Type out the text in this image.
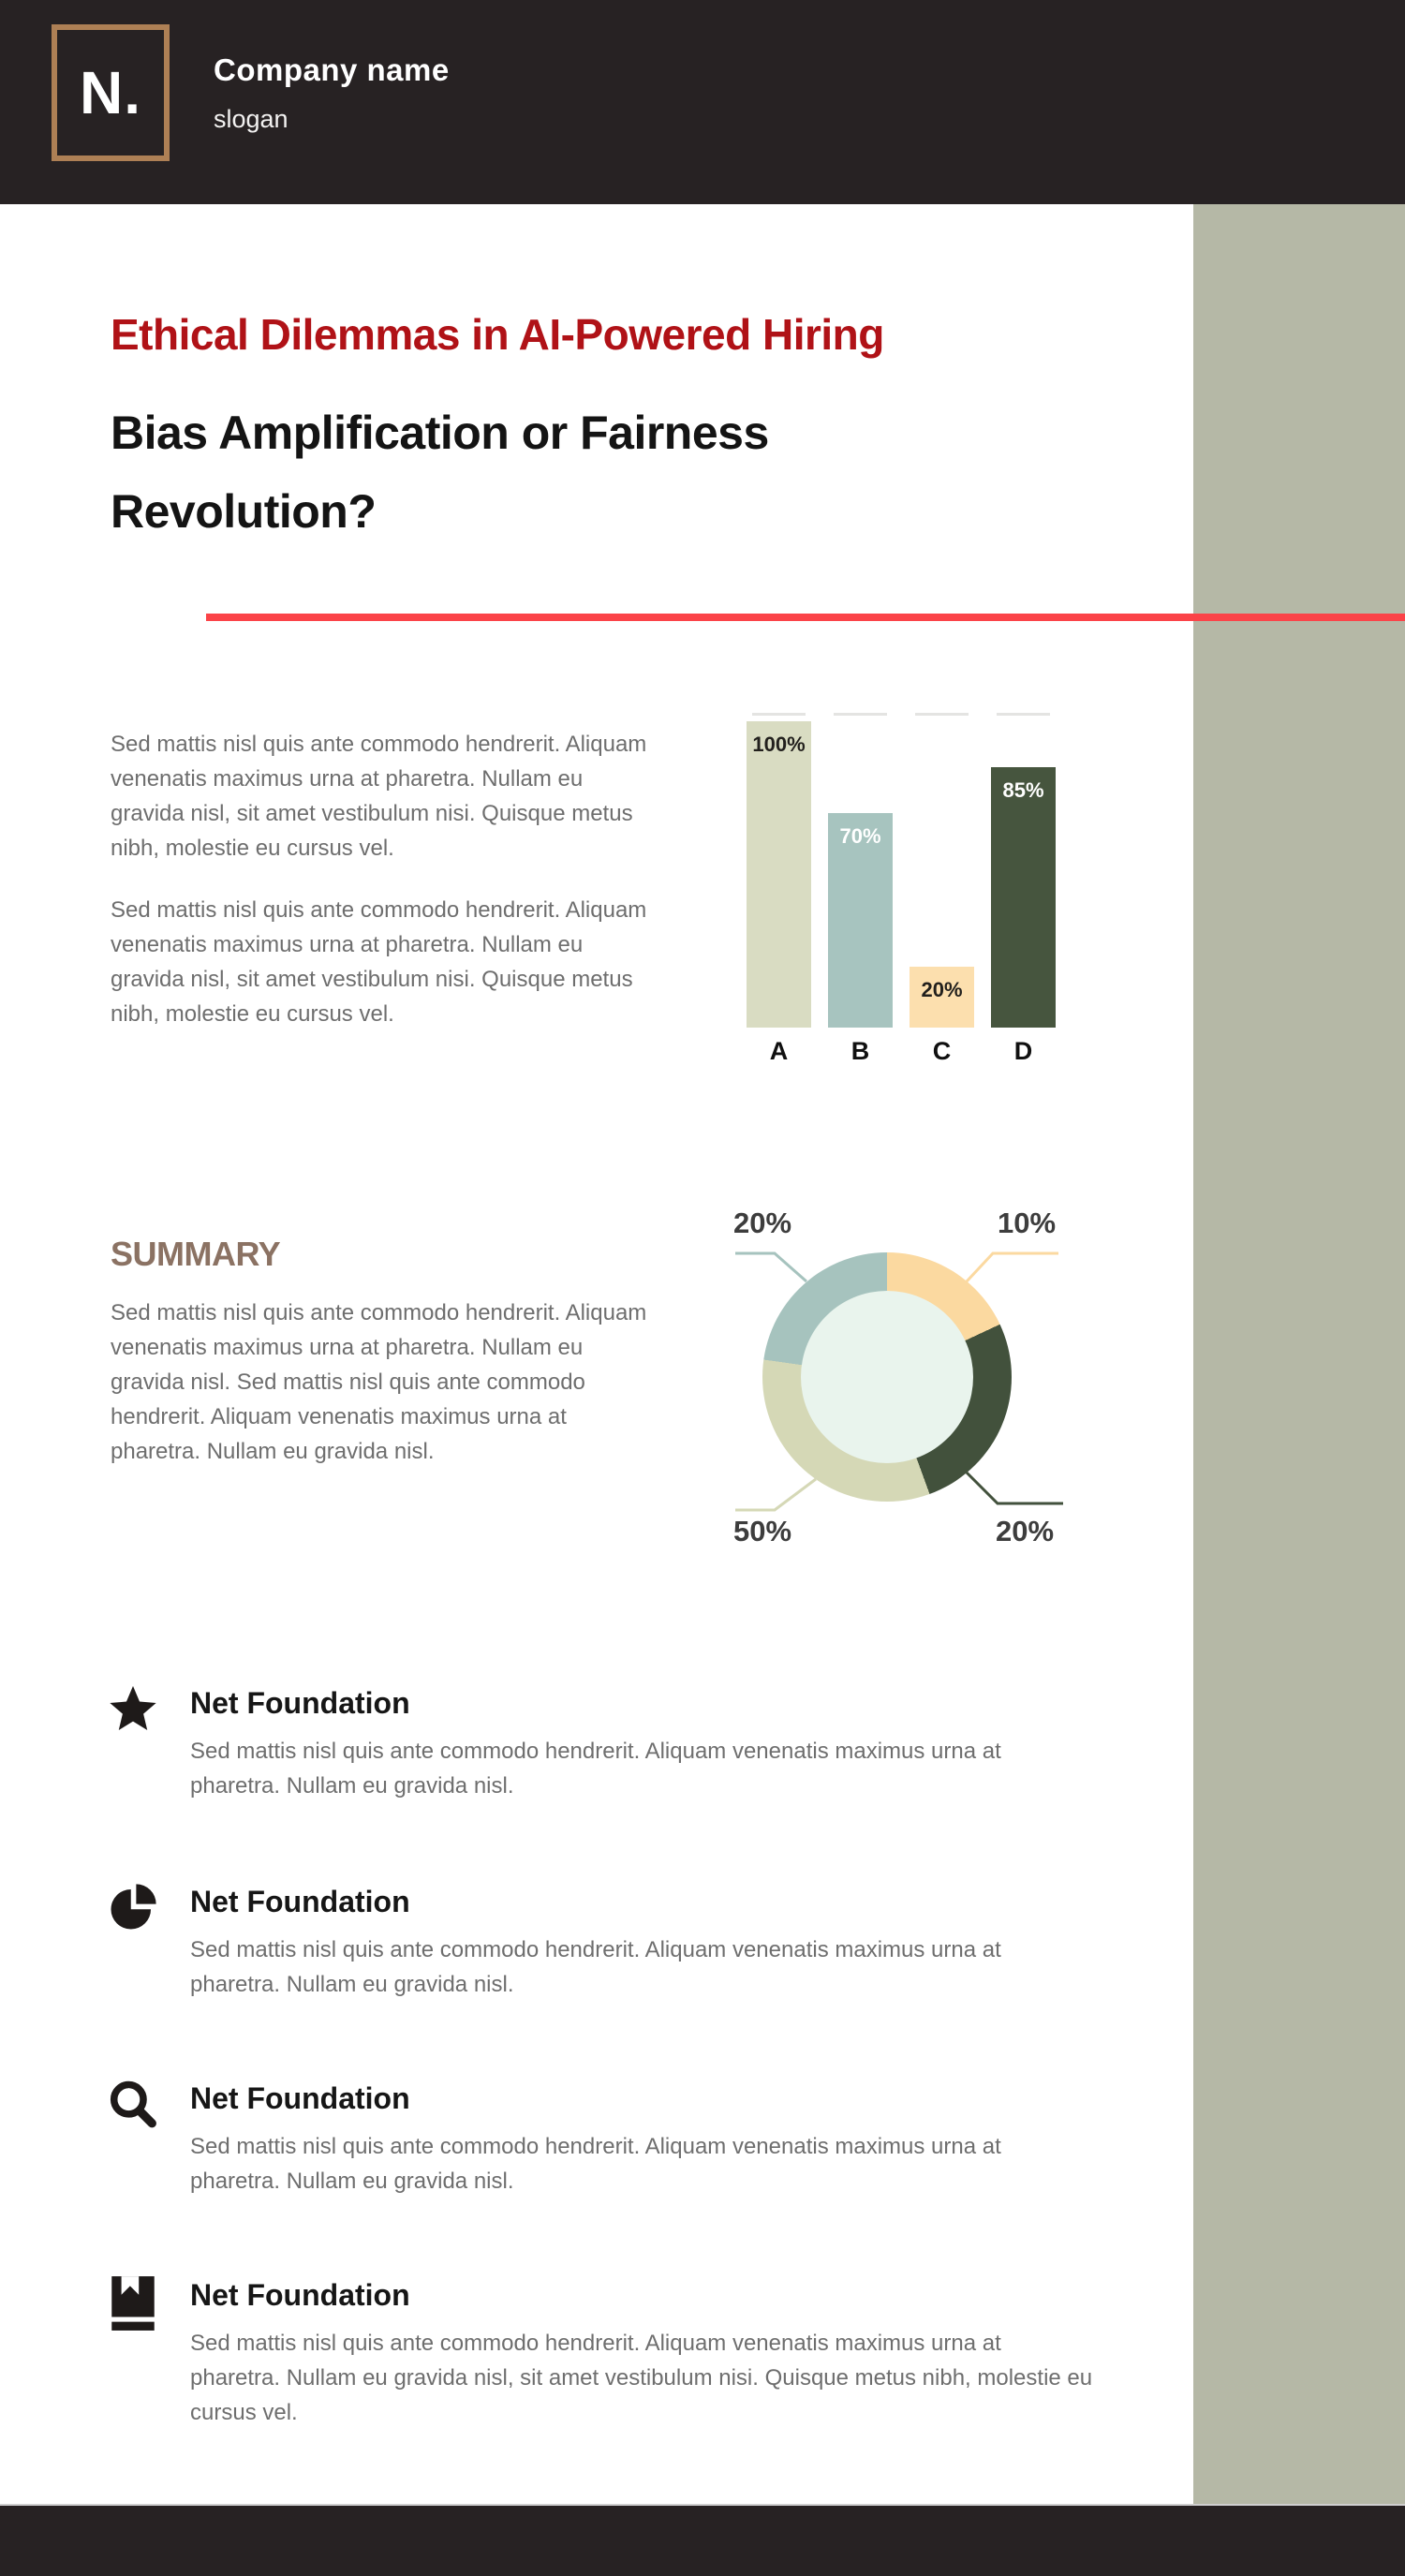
N. Company name
slogan
Ethical Dilemmas in AI-Powered Hiring
Bias Amplification or Fairness Revolution?

Sed mattis nisl quis ante commodo hendrerit. Aliquam venenatis maximus urna at pharetra. Nullam eu gravida nisl, sit amet vestibulum nisi. Quisque metus nibh, molestie eu cursus vel.

Sed mattis nisl quis ante commodo hendrerit. Aliquam venenatis maximus urna at pharetra. Nullam eu gravida nisl, sit amet vestibulum nisi. Quisque metus nibh, molestie eu cursus vel.

100%
70%
20%
85%
A	B	C	D
SUMMARY

Sed mattis nisl quis ante commodo hendrerit. Aliquam venenatis maximus urna at pharetra. Nullam eu gravida nisl. Sed mattis nisl quis ante commodo hendrerit. Aliquam venenatis maximus urna at pharetra. Nullam eu gravida nisl.

20%	10%
50%	20%
Net Foundation

Sed mattis nisl quis ante commodo hendrerit. Aliquam venenatis maximus urna at pharetra. Nullam eu gravida nisl.

Net Foundation

Sed mattis nisl quis ante commodo hendrerit. Aliquam venenatis maximus urna at pharetra. Nullam eu gravida nisl.

Net Foundation

Sed mattis nisl quis ante commodo hendrerit. Aliquam venenatis maximus urna at pharetra. Nullam eu gravida nisl.

Net Foundation

Sed mattis nisl quis ante commodo hendrerit. Aliquam venenatis maximus urna at pharetra. Nullam eu gravida nisl, sit amet vestibulum nisi. Quisque metus nibh, molestie eu cursus vel.
